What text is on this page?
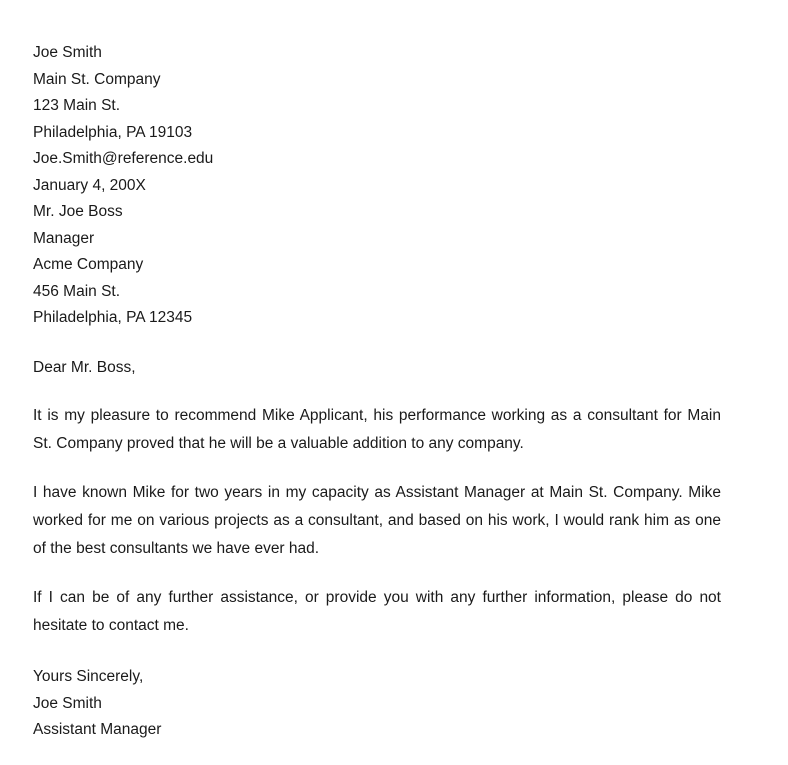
Joe Smith
Main St. Company
123 Main St.
Philadelphia, PA 19103
Joe.Smith@reference.edu
January 4, 200X
Mr. Joe Boss
Manager
Acme Company
456 Main St.
Philadelphia, PA 12345
Dear Mr. Boss,

It is my pleasure to recommend Mike Applicant, his performance working as a consultant for Main St. Company proved that he will be a valuable addition to any company.

I have known Mike for two years in my capacity as Assistant Manager at Main St. Company. Mike worked for me on various projects as a consultant, and based on his work, I would rank him as one of the best consultants we have ever had.

If I can be of any further assistance, or provide you with any further information, please do not hesitate to contact me.

Yours Sincerely,
Joe Smith
Assistant Manager
